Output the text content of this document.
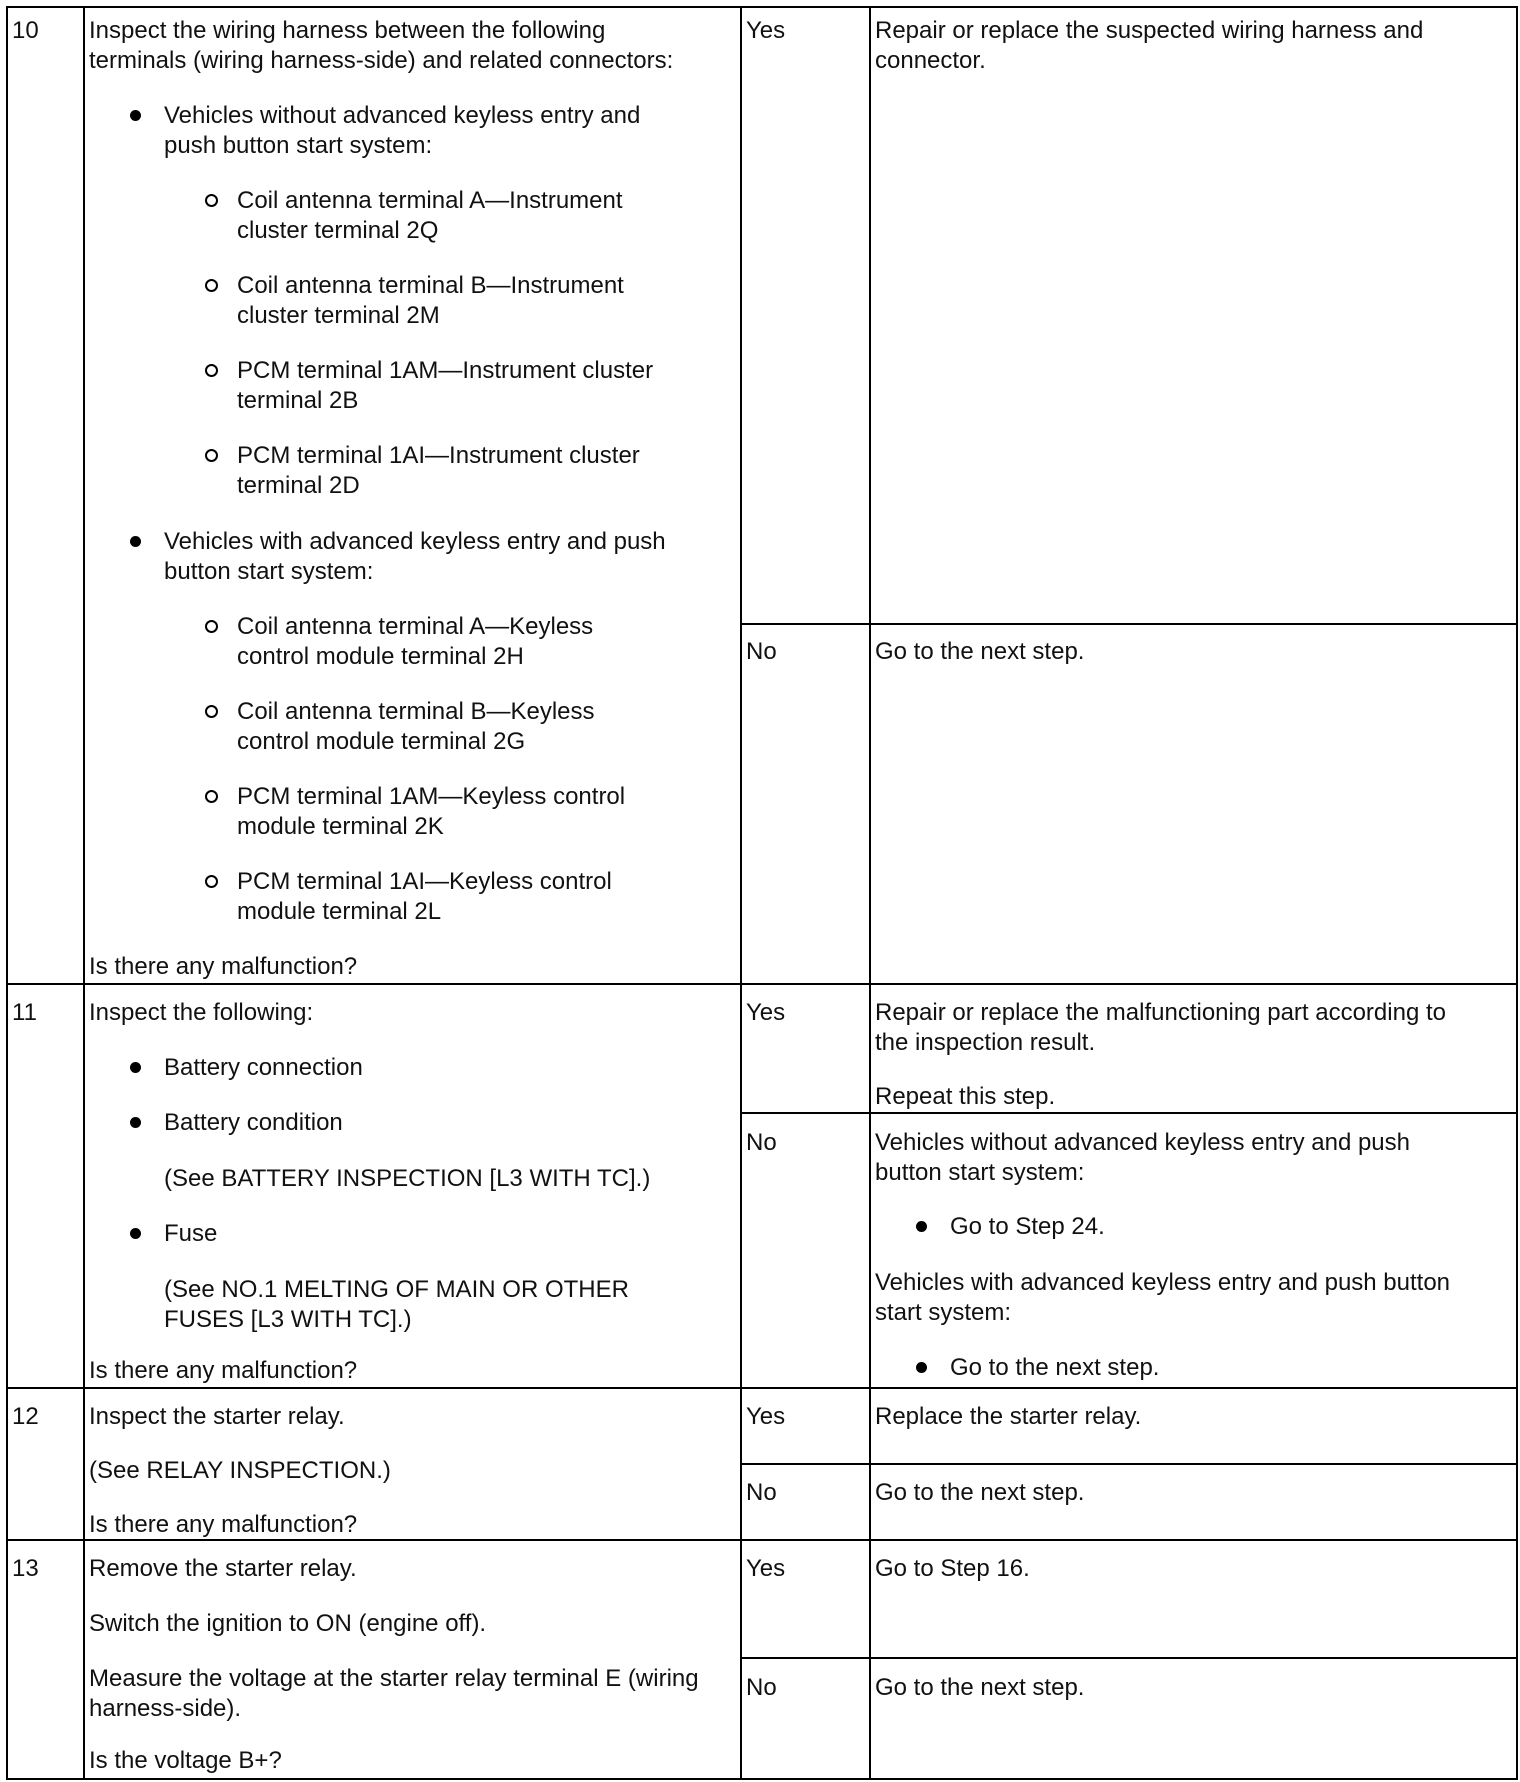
10 Inspect the wiring harness between the following
terminals (wiring harness-side) and related connectors:
Vehicles without advanced keyless entry and
push button start system:
Coil antenna terminal A—Instrument
cluster terminal 2Q
Coil antenna terminal B—Instrument
cluster terminal 2M
PCM terminal 1AM—Instrument cluster
terminal 2B
PCM terminal 1AI—Instrument cluster
terminal 2D
Vehicles with advanced keyless entry and push
button start system:
Coil antenna terminal A—Keyless
control module terminal 2H
Coil antenna terminal B—Keyless
control module terminal 2G
PCM terminal 1AM—Keyless control
module terminal 2K
PCM terminal 1AI—Keyless control
module terminal 2L
Is there any malfunction?
Yes	Repair or replace the suspected wiring harness and
connector.
No	Go to the next step.
11 Inspect the following:
Battery connection
Battery condition
(See BATTERY INSPECTION [L3 WITH TC].)
Fuse
(See NO.1 MELTING OF MAIN OR OTHER
FUSES [L3 WITH TC].)
Is there any malfunction?
Yes	Repair or replace the malfunctioning part according to
the inspection result.
Repeat this step.
No	Vehicles without advanced keyless entry and push
button start system:
Go to Step 24.
Vehicles with advanced keyless entry and push button
start system:
Go to the next step.
12 Inspect the starter relay.
(See RELAY INSPECTION.)
Is there any malfunction?
Yes	Replace the starter relay.
No	Go to the next step.
13 Remove the starter relay.
Switch the ignition to ON (engine off).
Measure the voltage at the starter relay terminal E (wiring
harness-side).
Is the voltage B+?
Yes	Go to Step 16.
No	Go to the next step.
